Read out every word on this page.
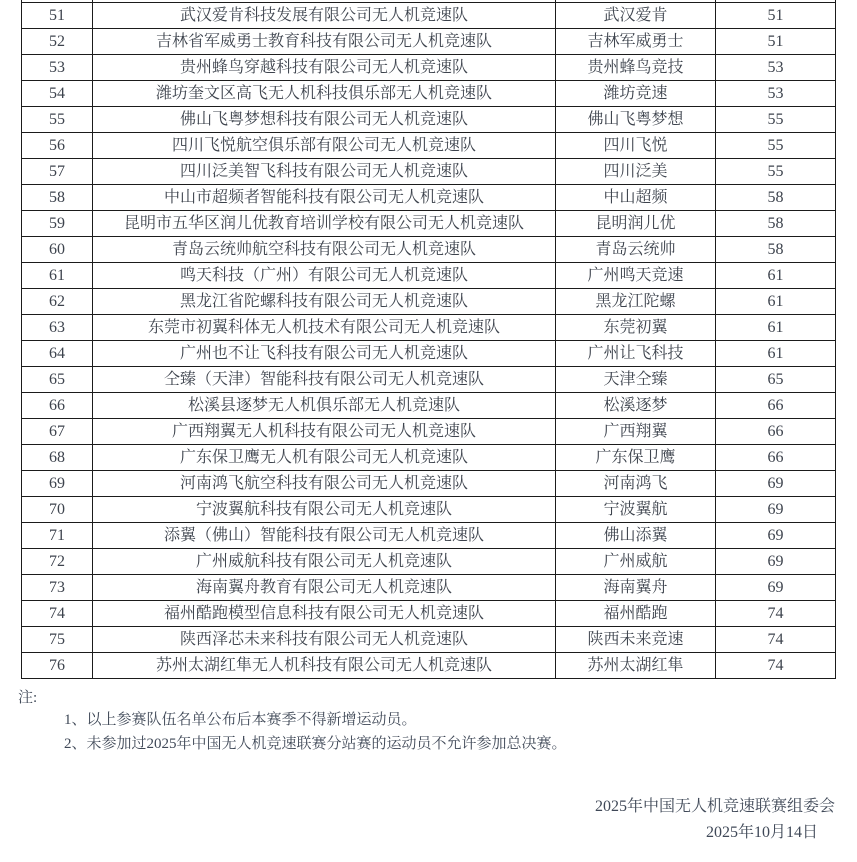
51	武汉爱肯科技发展有限公司无人机竞速队	武汉爱肯	51
52	吉林省军威勇士教育科技有限公司无人机竞速队	吉林军威勇士	51
53	贵州蜂鸟穿越科技有限公司无人机竞速队	贵州蜂鸟竞技	53
54	潍坊奎文区高飞无人机科技俱乐部无人机竞速队	潍坊竞速	53
55	佛山飞粤梦想科技有限公司无人机竞速队	佛山飞粤梦想	55
56	四川飞悦航空俱乐部有限公司无人机竞速队	四川飞悦	55
57	四川泛美智飞科技有限公司无人机竞速队	四川泛美	55
58	中山市超频者智能科技有限公司无人机竞速队	中山超频	58
59	昆明市五华区润儿优教育培训学校有限公司无人机竞速队	昆明润儿优	58
60	青岛云统帅航空科技有限公司无人机竞速队	青岛云统帅	58
61	鸣天科技（广州）有限公司无人机竞速队	广州鸣天竞速	61
62	黑龙江省陀螺科技有限公司无人机竞速队	黑龙江陀螺	61
63	东莞市初翼科体无人机技术有限公司无人机竞速队	东莞初翼	61
64	广州也不让飞科技有限公司无人机竞速队	广州让飞科技	61
65	仝臻（天津）智能科技有限公司无人机竞速队	天津仝臻	65
66	松溪县逐梦无人机俱乐部无人机竞速队	松溪逐梦	66
67	广西翔翼无人机科技有限公司无人机竞速队	广西翔翼	66
68	广东保卫鹰无人机有限公司无人机竞速队	广东保卫鹰	66
69	河南鸿飞航空科技有限公司无人机竞速队	河南鸿飞	69
70	宁波翼航科技有限公司无人机竞速队	宁波翼航	69
71	添翼（佛山）智能科技有限公司无人机竞速队	佛山添翼	69
72	广州威航科技有限公司无人机竞速队	广州威航	69
73	海南翼舟教育有限公司无人机竞速队	海南翼舟	69
74	福州酷跑模型信息科技有限公司无人机竞速队	福州酷跑	74
75	陕西泽芯未来科技有限公司无人机竞速队	陕西未来竞速	74
76	苏州太湖红隼无人机科技有限公司无人机竞速队	苏州太湖红隼	74
注:
1、以上参赛队伍名单公布后本赛季不得新增运动员。
2、未参加过2025年中国无人机竞速联赛分站赛的运动员不允许参加总决赛。
2025年中国无人机竞速联赛组委会
2025年10月14日
